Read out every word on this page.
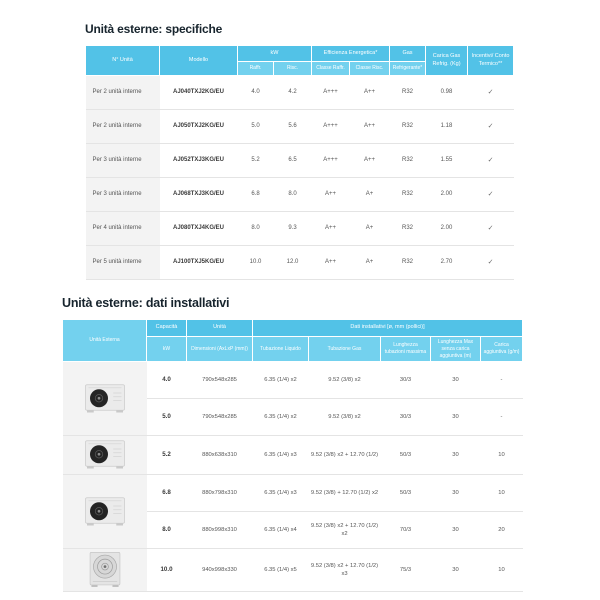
Unità esterne: specifiche
N° Unità	Modello	kW		Efficienza Energetica*		Gas	Carica Gas Refrig. (Kg)	Incentivi/ Conto Termico**
		Raffr.	Risc.	Classe Raffr.	Classe Risc.	Refrigerante*		
Per 2 unità interne	AJ040TXJ2KG/EU	4.0	4.2	A+++	A++	R32	0.98	✓
Per 2 unità interne	AJ050TXJ2KG/EU	5.0	5.6	A+++	A++	R32	1.18	✓
Per 3 unità interne	AJ052TXJ3KG/EU	5.2	6.5	A+++	A++	R32	1.55	✓
Per 3 unità interne	AJ068TXJ3KG/EU	6.8	8.0	A++	A+	R32	2.00	✓
Per 4 unità interne	AJ080TXJ4KG/EU	8.0	9.3	A++	A+	R32	2.00	✓
Per 5 unità interne	AJ100TXJ5KG/EU	10.0	12.0	A++	A+	R32	2.70	✓
Unità esterne: dati installativi
Unità Esterna	Capacità	Unità	Dati installativi [ø, mm (pollici)]				
	kW	Dimensioni (AxLxP (mm))	Tubazione Liquido	Tubazione Gas	Lunghezza tubazioni massima	Lunghezza Max senza carica aggiuntiva (m)	Carica aggiuntiva (g/m)

	4.0	790x548x285	6.35 (1/4) x2	9.52 (3/8) x2	30/3	30	-
	5.0	790x548x285	6.35 (1/4) x2	9.52 (3/8) x2	30/3	30	-

	5.2	880x638x310	6.35 (1/4) x3	9.52 (3/8) x2 + 12.70 (1/2)	50/3	30	10

	6.8	880x798x310	6.35 (1/4) x3	9.52 (3/8) + 12.70 (1/2) x2	50/3	30	10
	8.0	880x998x310	6.35 (1/4) x4	9.52 (3/8) x2 + 12.70 (1/2) x2	70/3	30	20

	10.0	940x998x330	6.35 (1/4) x5	9.52 (3/8) x2 + 12.70 (1/2) x3	75/3	30	10
